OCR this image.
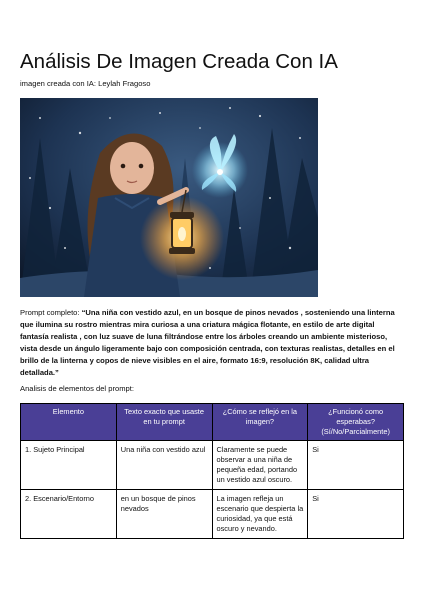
Análisis De Imagen Creada Con IA
imagen creada con IA: Leylah Fragoso

Prompt completo: “Una niña con vestido azul, en un bosque de pinos nevados , sosteniendo una linterna que ilumina su rostro mientras mira curiosa a una criatura mágica flotante, en estilo de arte digital fantasía realista , con luz suave de luna filtrándose entre los árboles creando un ambiente misterioso, vista desde un ángulo ligeramente bajo con composición centrada, con texturas realistas, detalles en el brillo de la linterna y copos de nieve visibles en el aire, formato 16:9, resolución 8K, calidad ultra detallada.”

Analisis de elementos del prompt:
Elemento	Texto exacto que usaste en tu prompt	¿Cómo se reflejó en la imagen?	¿Funcionó como esperabas? (Sí/No/Parcialmente)
1. Sujeto Principal	Una niña con vestido azul	Claramente se puede observar a una niña de pequeña edad, portando un vestido azul oscuro.	Si
2. Escenario/Entorno	en un bosque de pinos nevados	La imagen refleja un escenario que despierta la curiosidad, ya que está oscuro y nevando.	Si
